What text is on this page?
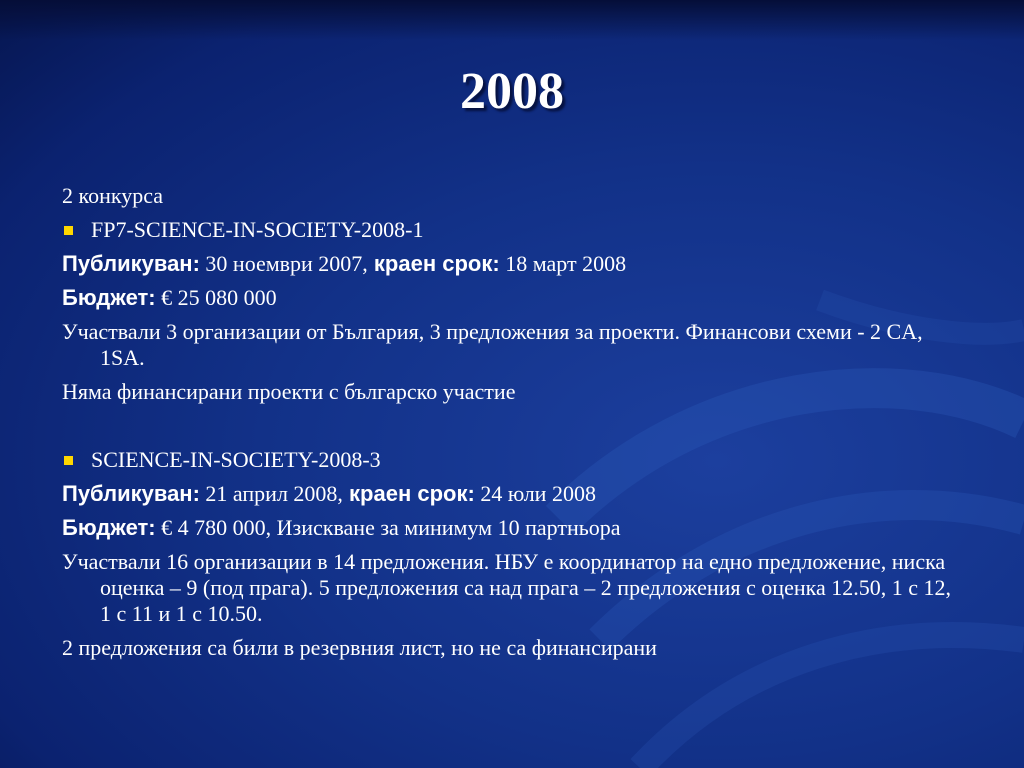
2008
2 конкурса
FP7-SCIENCE-IN-SOCIETY-2008-1
Публикуван: 30 ноември 2007, краен срок: 18 март 2008
Бюджет: € 25 080 000
Участвали 3 организации от България, 3 предложения за проекти. Финансови схеми - 2 CA, 1SA.
Няма финансирани проекти с българско участие
SCIENCE-IN-SOCIETY-2008-3
Публикуван: 21 април 2008, краен срок: 24 юли 2008
Бюджет: € 4 780 000, Изискване за минимум 10 партньора
Участвали 16 организации в 14 предложения. НБУ е координатор на едно предложение, ниска оценка – 9 (под прага). 5 предложения са над прага – 2 предложения с оценка 12.50, 1 с 12, 1 с 11 и 1 с 10.50.
2 предложения са били в резервния лист, но не са финансирани
